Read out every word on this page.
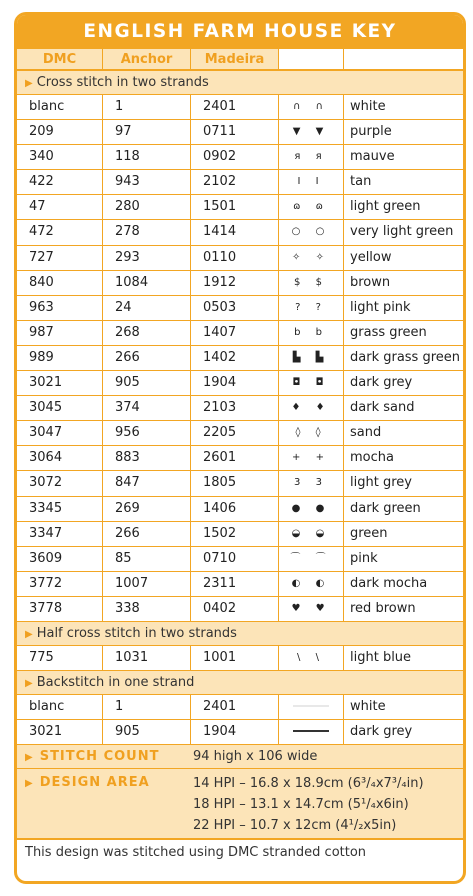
ENGLISH FARM HOUSE KEY
DMC	Anchor	Madeira
▶ Cross stitch in two strands
blanc	1	2401	∩ ∩	white
209	97	0711	▼ ▼	purple
340	118	0902	я я	mauve
422	943	2102	I I	tan
47	280	1501	ɷ ɷ	light green
472	278	1414	○ ○	very light green
727	293	0110	✧ ✧	yellow
840	1084	1912	$ $	brown
963	24	0503	? ?	light pink
987	268	1407	b b	grass green
989	266	1402	▙ ▙	dark grass green
3021	905	1904	◘ ◘	dark grey
3045	374	2103	♦ ♦	dark sand
3047	956	2205	◊ ◊	sand
3064	883	2601	+ +	mocha
3072	847	1805	3 3	light grey
3345	269	1406	● ●	dark green
3347	266	1502	◒ ◒	green
3609	85	0710	⌒ ⌒	pink
3772	1007	2311	◐ ◐	dark mocha
3778	338	0402	♥ ♥	red brown
▶ Half cross stitch in two strands
775	1031	1001	\ \	light blue
▶ Backstitch in one strand
blanc	1	2401	white
3021	905	1904	dark grey
▶ STITCH COUNT	94 high x 106 wide
▶ DESIGN AREA	14 HPI – 16.8 x 18.9cm (6³/₄x7³/₄in)
18 HPI – 13.1 x 14.7cm (5¹/₄x6in)
22 HPI – 10.7 x 12cm (4¹/₂x5in)
This design was stitched using DMC stranded cotton
